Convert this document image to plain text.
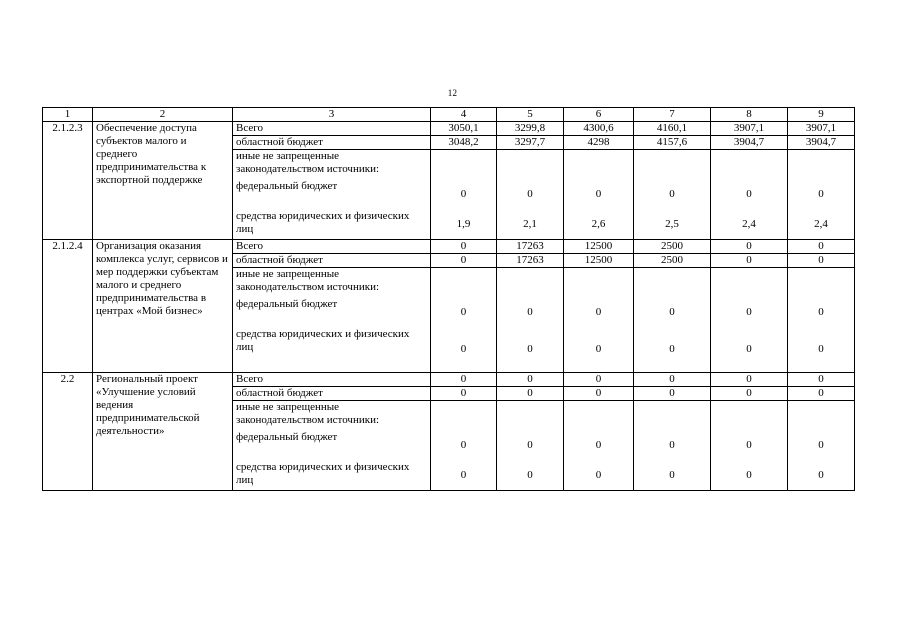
12
1	2	3	4	5	6	7	8	9
2.1.2.3	Обеспечение доступа субъектов малого и среднего предпринимательства к экспортной поддержке	Всего	3050,1	3299,8	4300,6	4160,1	3907,1	3907,1
		областной бюджет	3048,2	3297,7	4298	4157,6	3904,7	3904,7
		иные не запрещенные законодательством источники:						
		федеральный бюджет	0	0	0	0	0	0
		средства юридических и физических лиц	1,9	2,1	2,6	2,5	2,4	2,4
2.1.2.4	Организация оказания комплекса услуг, сервисов и мер поддержки субъектам малого и среднего предпринимательства в центрах «Мой бизнес»	Всего	0	17263	12500	2500	0	0
		областной бюджет	0	17263	12500	2500	0	0
		иные не запрещенные законодательством источники:						
		федеральный бюджет	0	0	0	0	0	0
		средства юридических и физических лиц	0	0	0	0	0	0
2.2	Региональный проект «Улучшение условий ведения предпринимательской деятельности»	Всего	0	0	0	0	0	0
		областной бюджет	0	0	0	0	0	0
		иные не запрещенные законодательством источники:						
		федеральный бюджет	0	0	0	0	0	0
		средства юридических и физических лиц	0	0	0	0	0	0
